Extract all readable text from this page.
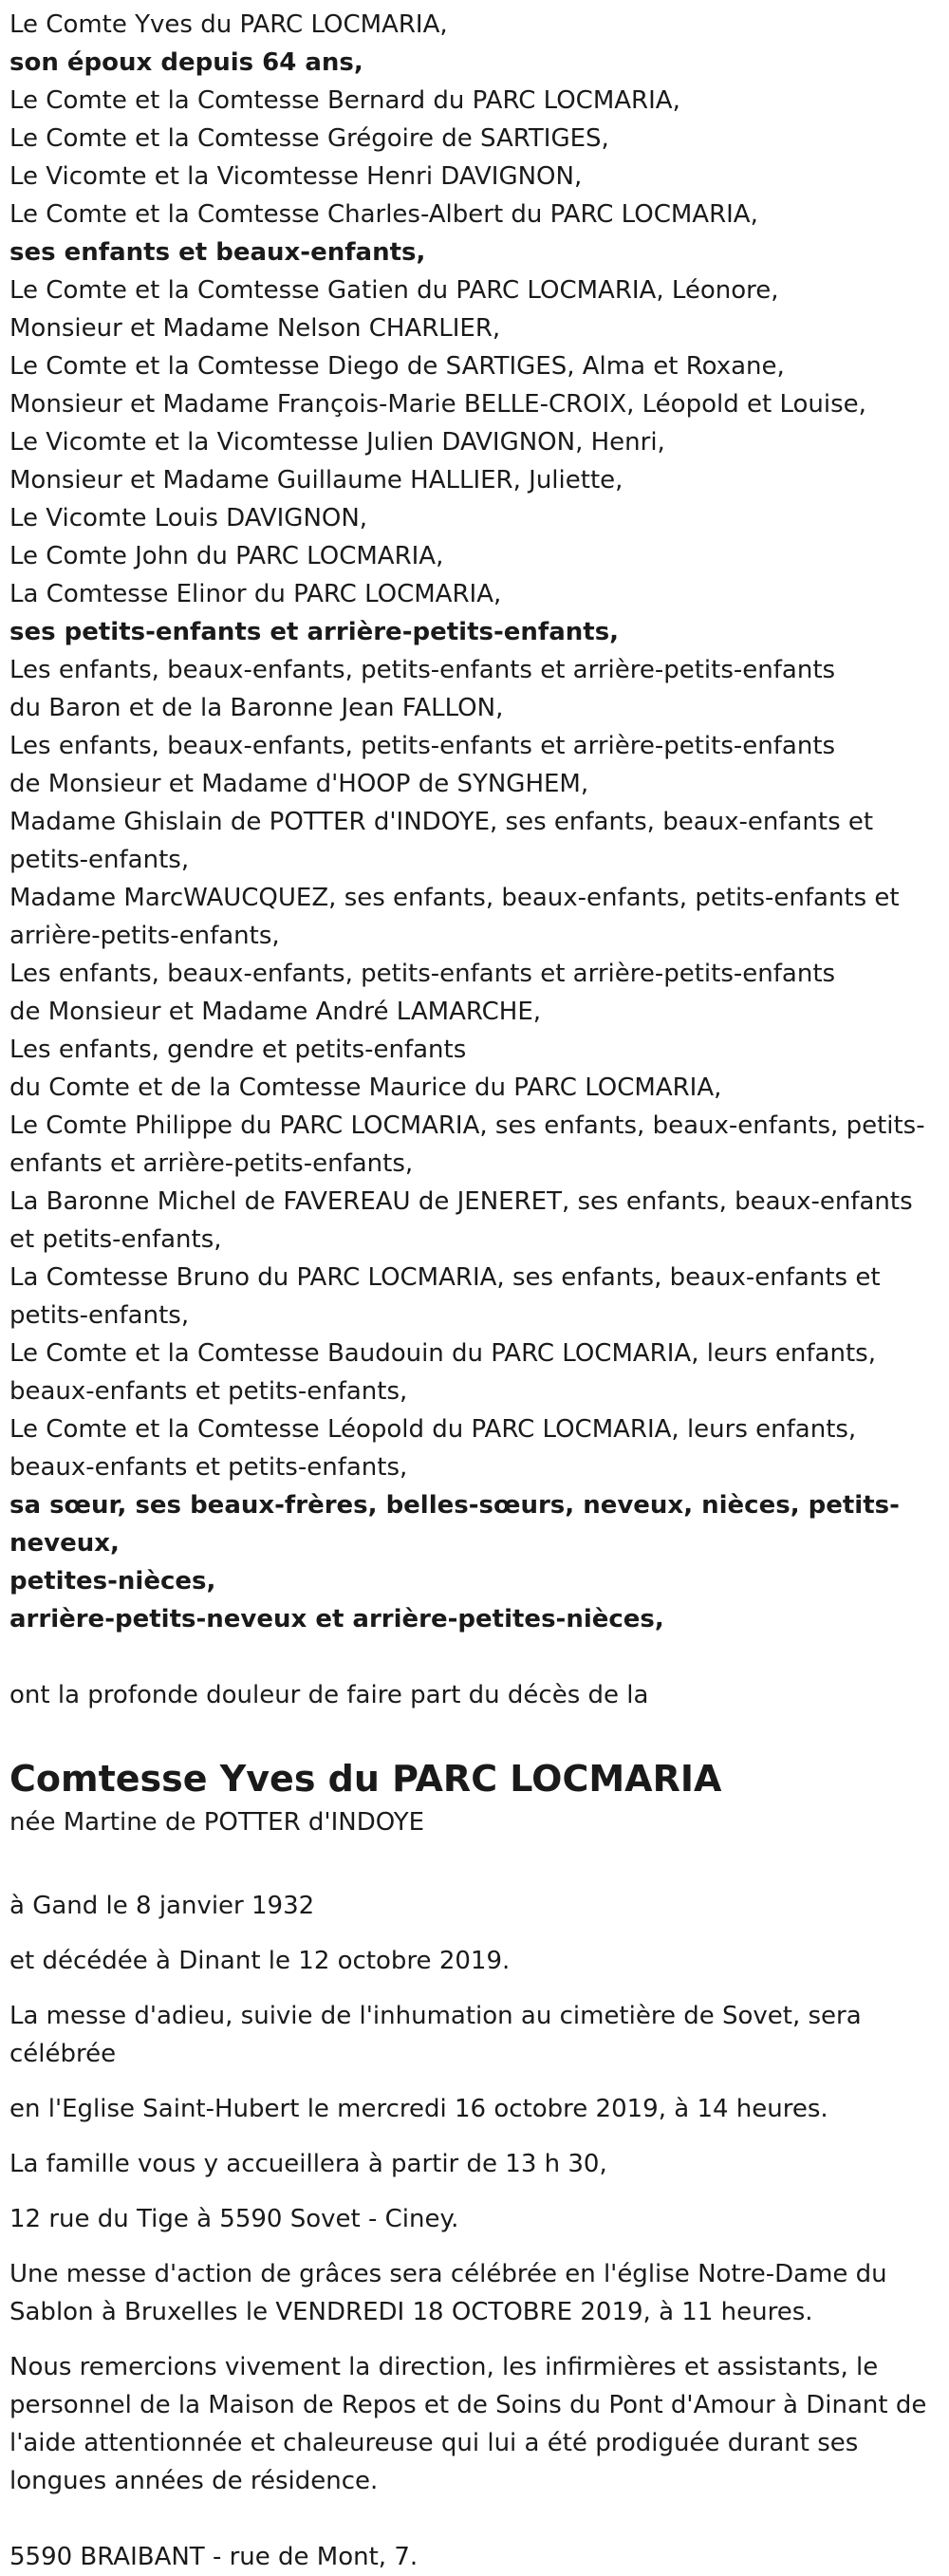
Le Comte Yves du PARC LOCMARIA,

son époux depuis 64 ans,

Le Comte et la Comtesse Bernard du PARC LOCMARIA,

Le Comte et la Comtesse Grégoire de SARTIGES,

Le Vicomte et la Vicomtesse Henri DAVIGNON,

Le Comte et la Comtesse Charles-Albert du PARC LOCMARIA,

ses enfants et beaux-enfants,

Le Comte et la Comtesse Gatien du PARC LOCMARIA, Léonore,

Monsieur et Madame Nelson CHARLIER,

Le Comte et la Comtesse Diego de SARTIGES, Alma et Roxane,

Monsieur et Madame François-Marie BELLE-CROIX, Léopold et Louise,

Le Vicomte et la Vicomtesse Julien DAVIGNON, Henri,

Monsieur et Madame Guillaume HALLIER, Juliette,

Le Vicomte Louis DAVIGNON,

Le Comte John du PARC LOCMARIA,

La Comtesse Elinor du PARC LOCMARIA,

ses petits-enfants et arrière-petits-enfants,

Les enfants, beaux-enfants, petits-enfants et arrière-petits-enfants

du Baron et de la Baronne Jean FALLON,

Les enfants, beaux-enfants, petits-enfants et arrière-petits-enfants

de Monsieur et Madame d'HOOP de SYNGHEM,

Madame Ghislain de POTTER d'INDOYE, ses enfants, beaux-enfants et

petits-enfants,

Madame MarcWAUCQUEZ, ses enfants, beaux-enfants, petits-enfants et

arrière-petits-enfants,

Les enfants, beaux-enfants, petits-enfants et arrière-petits-enfants

de Monsieur et Madame André LAMARCHE,

Les enfants, gendre et petits-enfants

du Comte et de la Comtesse Maurice du PARC LOCMARIA,

Le Comte Philippe du PARC LOCMARIA, ses enfants, beaux-enfants, petits-

enfants et arrière-petits-enfants,

La Baronne Michel de FAVEREAU de JENERET, ses enfants, beaux-enfants

et petits-enfants,

La Comtesse Bruno du PARC LOCMARIA, ses enfants, beaux-enfants et

petits-enfants,

Le Comte et la Comtesse Baudouin du PARC LOCMARIA, leurs enfants,

beaux-enfants et petits-enfants,

Le Comte et la Comtesse Léopold du PARC LOCMARIA, leurs enfants,

beaux-enfants et petits-enfants,

sa sœur, ses beaux-frères, belles-sœurs, neveux, nièces, petits-neveux,

petites-nièces,

arrière-petits-neveux et arrière-petites-nièces,

ont la profonde douleur de faire part du décès de la

Comtesse Yves du PARC LOCMARIA

née Martine de POTTER d'INDOYE

à Gand le 8 janvier 1932

et décédée à Dinant le 12 octobre 2019.

La messe d'adieu, suivie de l'inhumation au cimetière de Sovet, sera célébrée

en l'Eglise Saint-Hubert le mercredi 16 octobre 2019, à 14 heures.

La famille vous y accueillera à partir de 13 h 30,

12 rue du Tige à 5590 Sovet - Ciney.

Une messe d'action de grâces sera célébrée en l'église Notre-Dame du Sablon à Bruxelles le VENDREDI 18 OCTOBRE 2019, à 11 heures.

Nous remercions vivement la direction, les infirmières et assistants, le personnel de la Maison de Repos et de Soins du Pont d'Amour à Dinant de l'aide attentionnée et chaleureuse qui lui a été prodiguée durant ses longues années de résidence.

5590 BRAIBANT - rue de Mont, 7.
